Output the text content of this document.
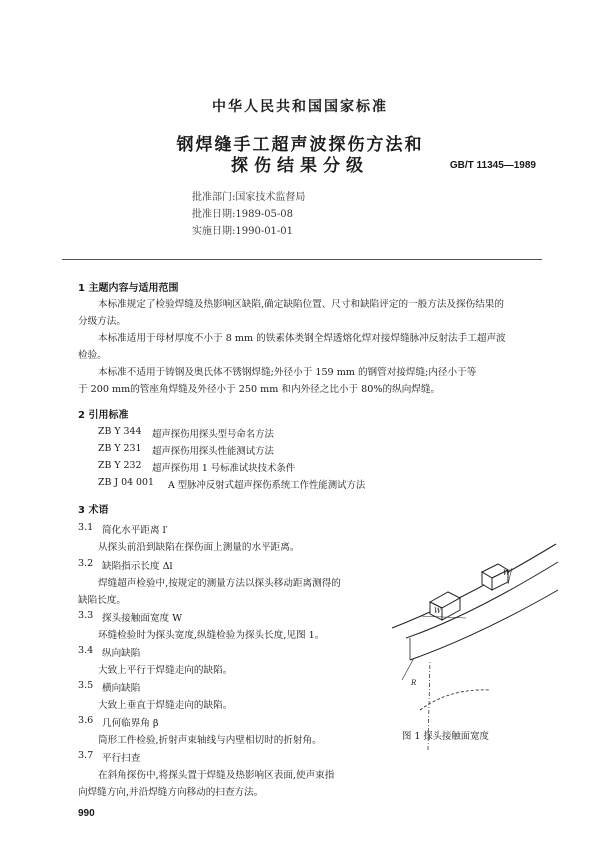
中华人民共和国国家标准
钢焊缝手工超声波探伤方法和
探伤结果分级	GB/T 11345—1989
批准部门:国家技术监督局
批准日期:1989-05-08
实施日期:1990-01-01
1 主题内容与适用范围
本标准规定了检验焊缝及热影响区缺陷,确定缺陷位置、尺寸和缺陷评定的一般方法及探伤结果的
分级方法。
本标准适用于母材厚度不小于 8 mm 的铁素体类钢全焊透熔化焊对接焊缝脉冲反射法手工超声波
检验。
本标准不适用于铸钢及奥氏体不锈钢焊缝;外径小于 159 mm 的钢管对接焊缝;内径小于等
于 200 mm的管座角焊缝及外径小于 250 mm 和内外径之比小于 80%的纵向焊缝。
2 引用标准
ZB Y 344 超声探伤用探头型号命名方法
ZB Y 231 超声探伤用探头性能测试方法
ZB Y 232 超声探伤用 1 号标准试块技术条件
ZB J 04 001 A 型脉冲反射式超声探伤系统工作性能测试方法
3 术语
3.1 简化水平距离 l′
从探头前沿到缺陷在探伤面上测量的水平距离。
3.2 缺陷指示长度 Δl
焊缝超声检验中,按规定的测量方法以探头移动距离测得的
缺陷长度。
3.3 探头接触面宽度 W
环缝检验时为探头宽度,纵缝检验为探头长度,见图 1。
3.4 纵向缺陷
大致上平行于焊缝走向的缺陷。
3.5 横向缺陷
大致上垂直于焊缝走向的缺陷。
3.6 几何临界角 β
筒形工件检验,折射声束轴线与内壁相切时的折射角。
3.7 平行扫查
在斜角探伤中,将探头置于焊缝及热影响区表面,使声束指
向焊缝方向,并沿焊缝方向移动的扫查方法。
W
W
R
图 1 探头接触面宽度
990
